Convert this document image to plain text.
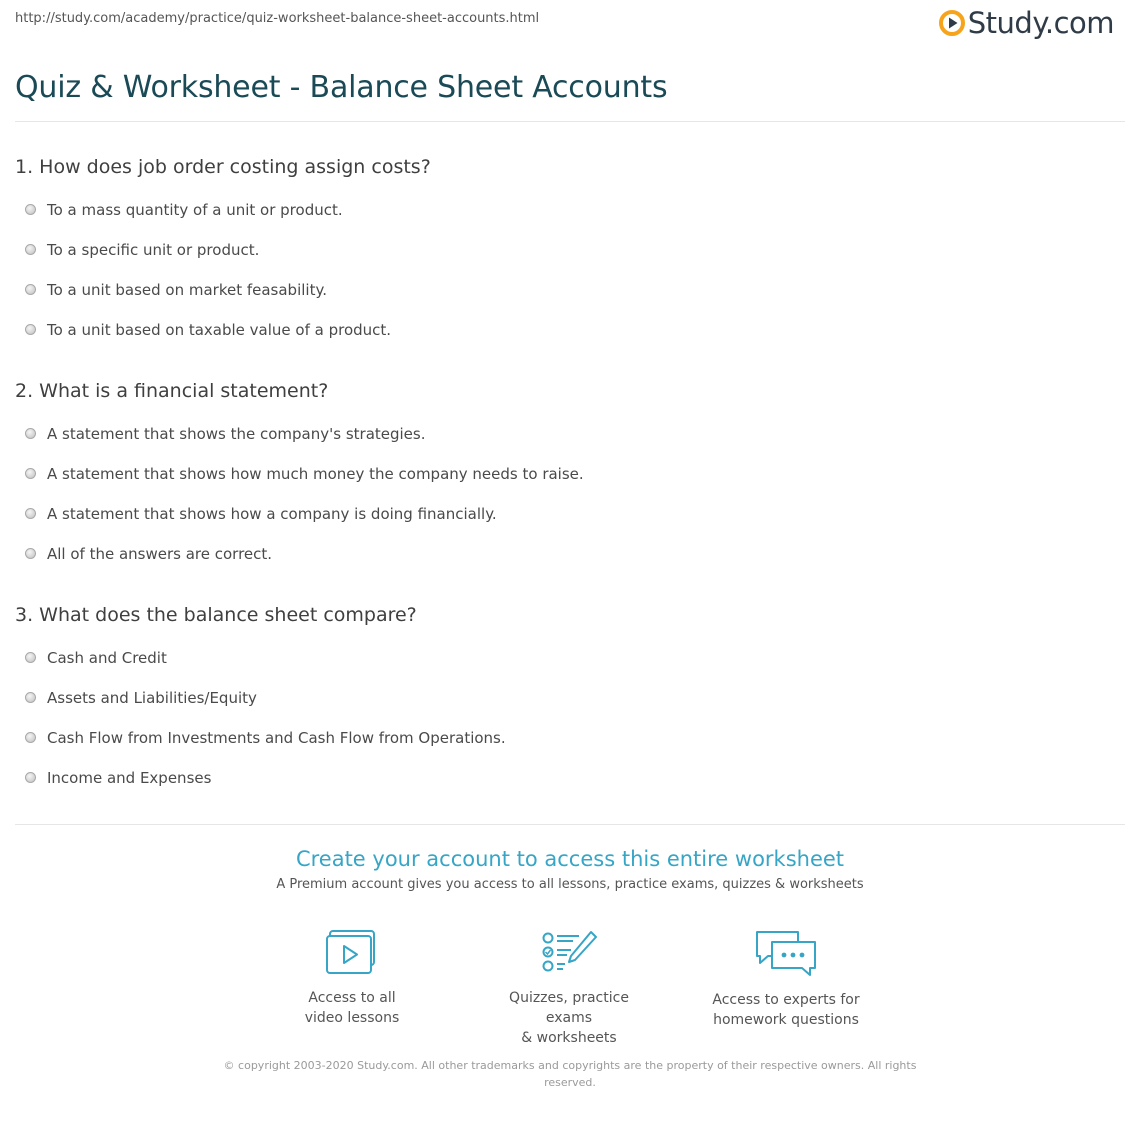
http://study.com/academy/practice/quiz-worksheet-balance-sheet-accounts.html	Study.com
Quiz & Worksheet - Balance Sheet Accounts

1. How does job order costing assign costs?

To a mass quantity of a unit or product.
To a specific unit or product.
To a unit based on market feasability.
To a unit based on taxable value of a product.

2. What is a financial statement?

A statement that shows the company's strategies.
A statement that shows how much money the company needs to raise.
A statement that shows how a company is doing financially.
All of the answers are correct.

3. What does the balance sheet compare?

Cash and Credit
Assets and Liabilities/Equity
Cash Flow from Investments and Cash Flow from Operations.
Income and Expenses
Create your account to access this entire worksheet
A Premium account gives you access to all lessons, practice exams, quizzes & worksheets
Access to all
video lessons
Quizzes, practice exams
& worksheets
Access to experts for
homework questions
© copyright 2003-2020 Study.com. All other trademarks and copyrights are the property of their respective owners. All rights reserved.
